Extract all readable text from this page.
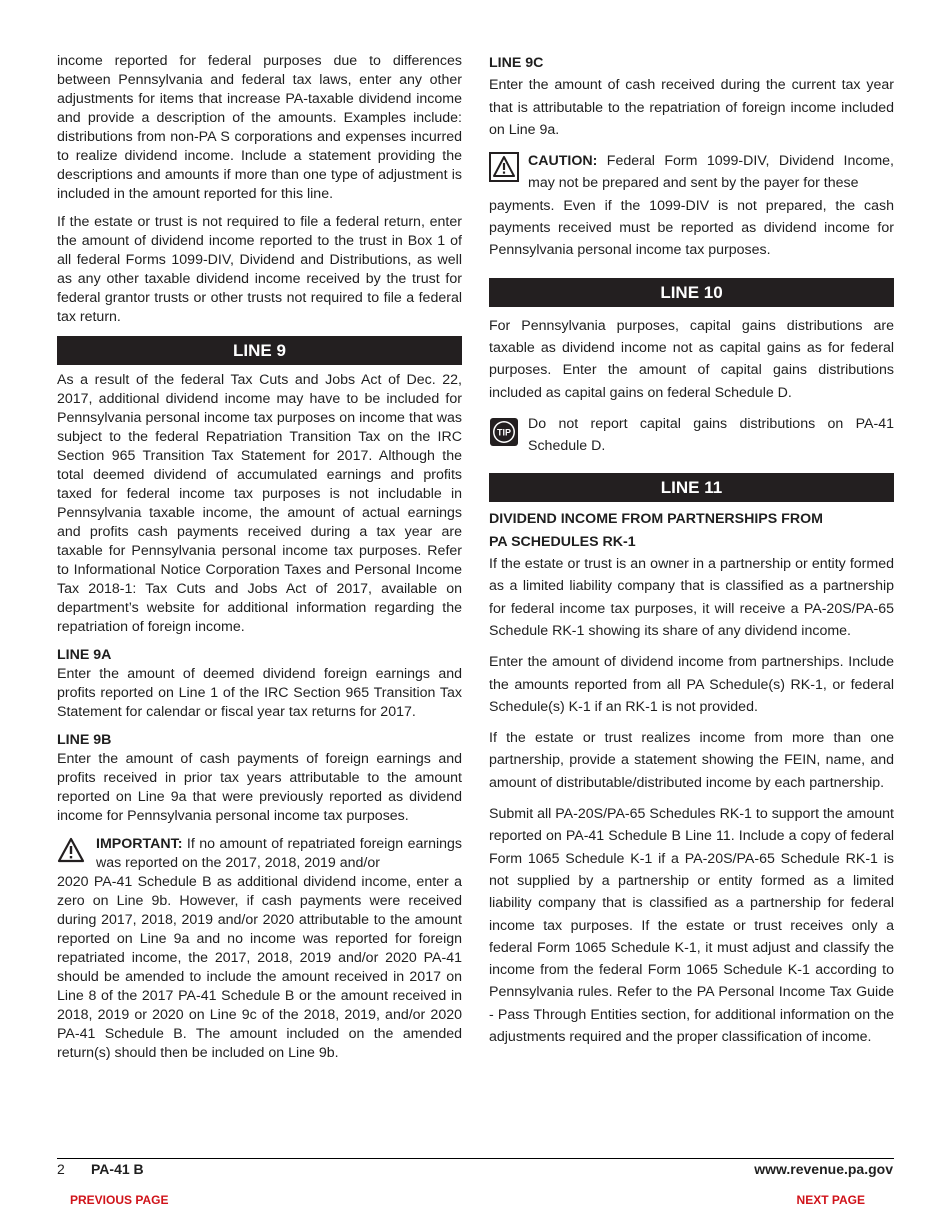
income reported for federal purposes due to differences between Pennsylvania and federal tax laws, enter any other adjustments for items that increase PA-taxable dividend income and provide a description of the amounts. Examples include: distributions from non-PA S corporations and expenses incurred to realize dividend income. Include a statement providing the descriptions and amounts if more than one type of adjustment is included in the amount reported for this line.

If the estate or trust is not required to file a federal return, enter the amount of dividend income reported to the trust in Box 1 of all federal Forms 1099-DIV, Dividend and Distributions, as well as any other taxable dividend income received by the trust for federal grantor trusts or other trusts not required to file a federal tax return.

LINE 9

As a result of the federal Tax Cuts and Jobs Act of Dec. 22, 2017, additional dividend income may have to be included for Pennsylvania personal income tax purposes on income that was subject to the federal Repatriation Transition Tax on the IRC Section 965 Transition Tax Statement for 2017. Although the total deemed dividend of accumulated earnings and profits taxed for federal income tax purposes is not includable in Pennsylvania taxable income, the amount of actual earnings and profits cash payments received during a tax year are taxable for Pennsylvania personal income tax purposes. Refer to Informational Notice Corporation Taxes and Personal Income Tax 2018-1: Tax Cuts and Jobs Act of 2017, available on department’s website for additional information regarding the repatriation of foreign income.

LINE 9A

Enter the amount of deemed dividend foreign earnings and profits reported on Line 1 of the IRC Section 965 Transition Tax Statement for calendar or fiscal year tax returns for 2017.

LINE 9B

Enter the amount of cash payments of foreign earnings and profits received in prior tax years attributable to the amount reported on Line 9a that were previously reported as dividend income for Pennsylvania personal income tax purposes.

IMPORTANT: If no amount of repatriated foreign earnings was reported on the 2017, 2018, 2019 and/or

2020 PA-41 Schedule B as additional dividend income, enter a zero on Line 9b. However, if cash payments were received during 2017, 2018, 2019 and/or 2020 attributable to the amount reported on Line 9a and no income was reported for foreign repatriated income, the 2017, 2018, 2019 and/or 2020 PA-41 should be amended to include the amount received in 2017 on Line 8 of the 2017 PA-41 Schedule B or the amount received in 2018, 2019 or 2020 on Line 9c of the 2018, 2019, and/or 2020 PA-41 Schedule B. The amount included on the amended return(s) should then be included on Line 9b.

LINE 9C

Enter the amount of cash received during the current tax year that is attributable to the repatriation of foreign income included on Line 9a.

CAUTION: Federal Form 1099-DIV, Dividend Income, may not be prepared and sent by the payer for these

payments. Even if the 1099-DIV is not prepared, the cash payments received must be reported as dividend income for Pennsylvania personal income tax purposes.

LINE 10

For Pennsylvania purposes, capital gains distributions are taxable as dividend income not as capital gains as for federal purposes. Enter the amount of capital gains distributions included as capital gains on federal Schedule D.

TIP

Do not report capital gains distributions on PA-41 Schedule D.

LINE 11
DIVIDEND INCOME FROM PARTNERSHIPS FROM
PA SCHEDULES RK-1

If the estate or trust is an owner in a partnership or entity formed as a limited liability company that is classified as a partnership for federal income tax purposes, it will receive a PA-20S/PA-65 Schedule RK-1 showing its share of any dividend income.

Enter the amount of dividend income from partnerships. Include the amounts reported from all PA Schedule(s) RK-1, or federal Schedule(s) K-1 if an RK-1 is not provided.

If the estate or trust realizes income from more than one partnership, provide a statement showing the FEIN, name, and amount of distributable/distributed income by each partnership.

Submit all PA-20S/PA-65 Schedules RK-1 to support the amount reported on PA-41 Schedule B Line 11. Include a copy of federal Form 1065 Schedule K-1 if a PA-20S/PA-65 Schedule RK-1 is not supplied by a partnership or entity formed as a limited liability company that is classified as a partnership for federal income tax purposes. If the estate or trust receives only a federal Form 1065 Schedule K-1, it must adjust and classify the income from the federal Form 1065 Schedule K-1 according to Pennsylvania rules. Refer to the PA Personal Income Tax Guide - Pass Through Entities section, for additional information on the adjustments required and the proper classification of income.

2 PA-41 B	www.revenue.pa.gov
PREVIOUS PAGE	NEXT PAGE
